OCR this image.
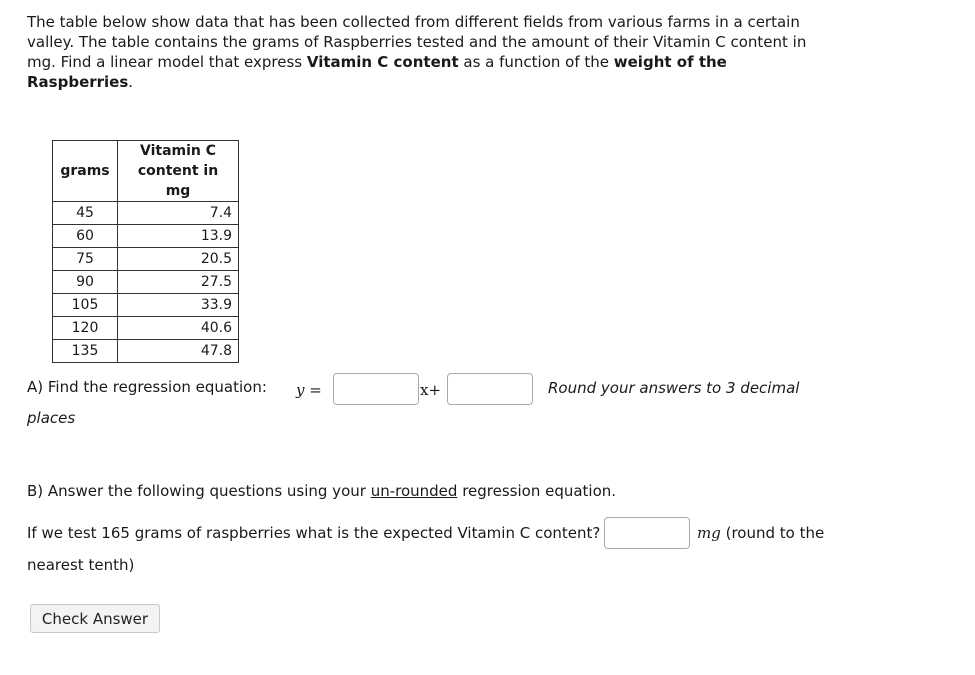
The table below show data that has been collected from different fields from various farms in a certain valley. The table contains the grams of Raspberries tested and the amount of their Vitamin C content in mg. Find a linear model that express Vitamin C content as a function of the weight of the Raspberries.

grams	Vitamin C content in mg
45	7.4
60	13.9
75	20.5
90	27.5
105	33.9
120	40.6
135	47.8
A) Find the regression equation: y =	x+	Round your answers to 3 decimal
places
B) Answer the following questions using your un-rounded regression equation.
If we test 165 grams of raspberries what is the expected Vitamin C content?	mg (round to the
nearest tenth)
Check Answer
